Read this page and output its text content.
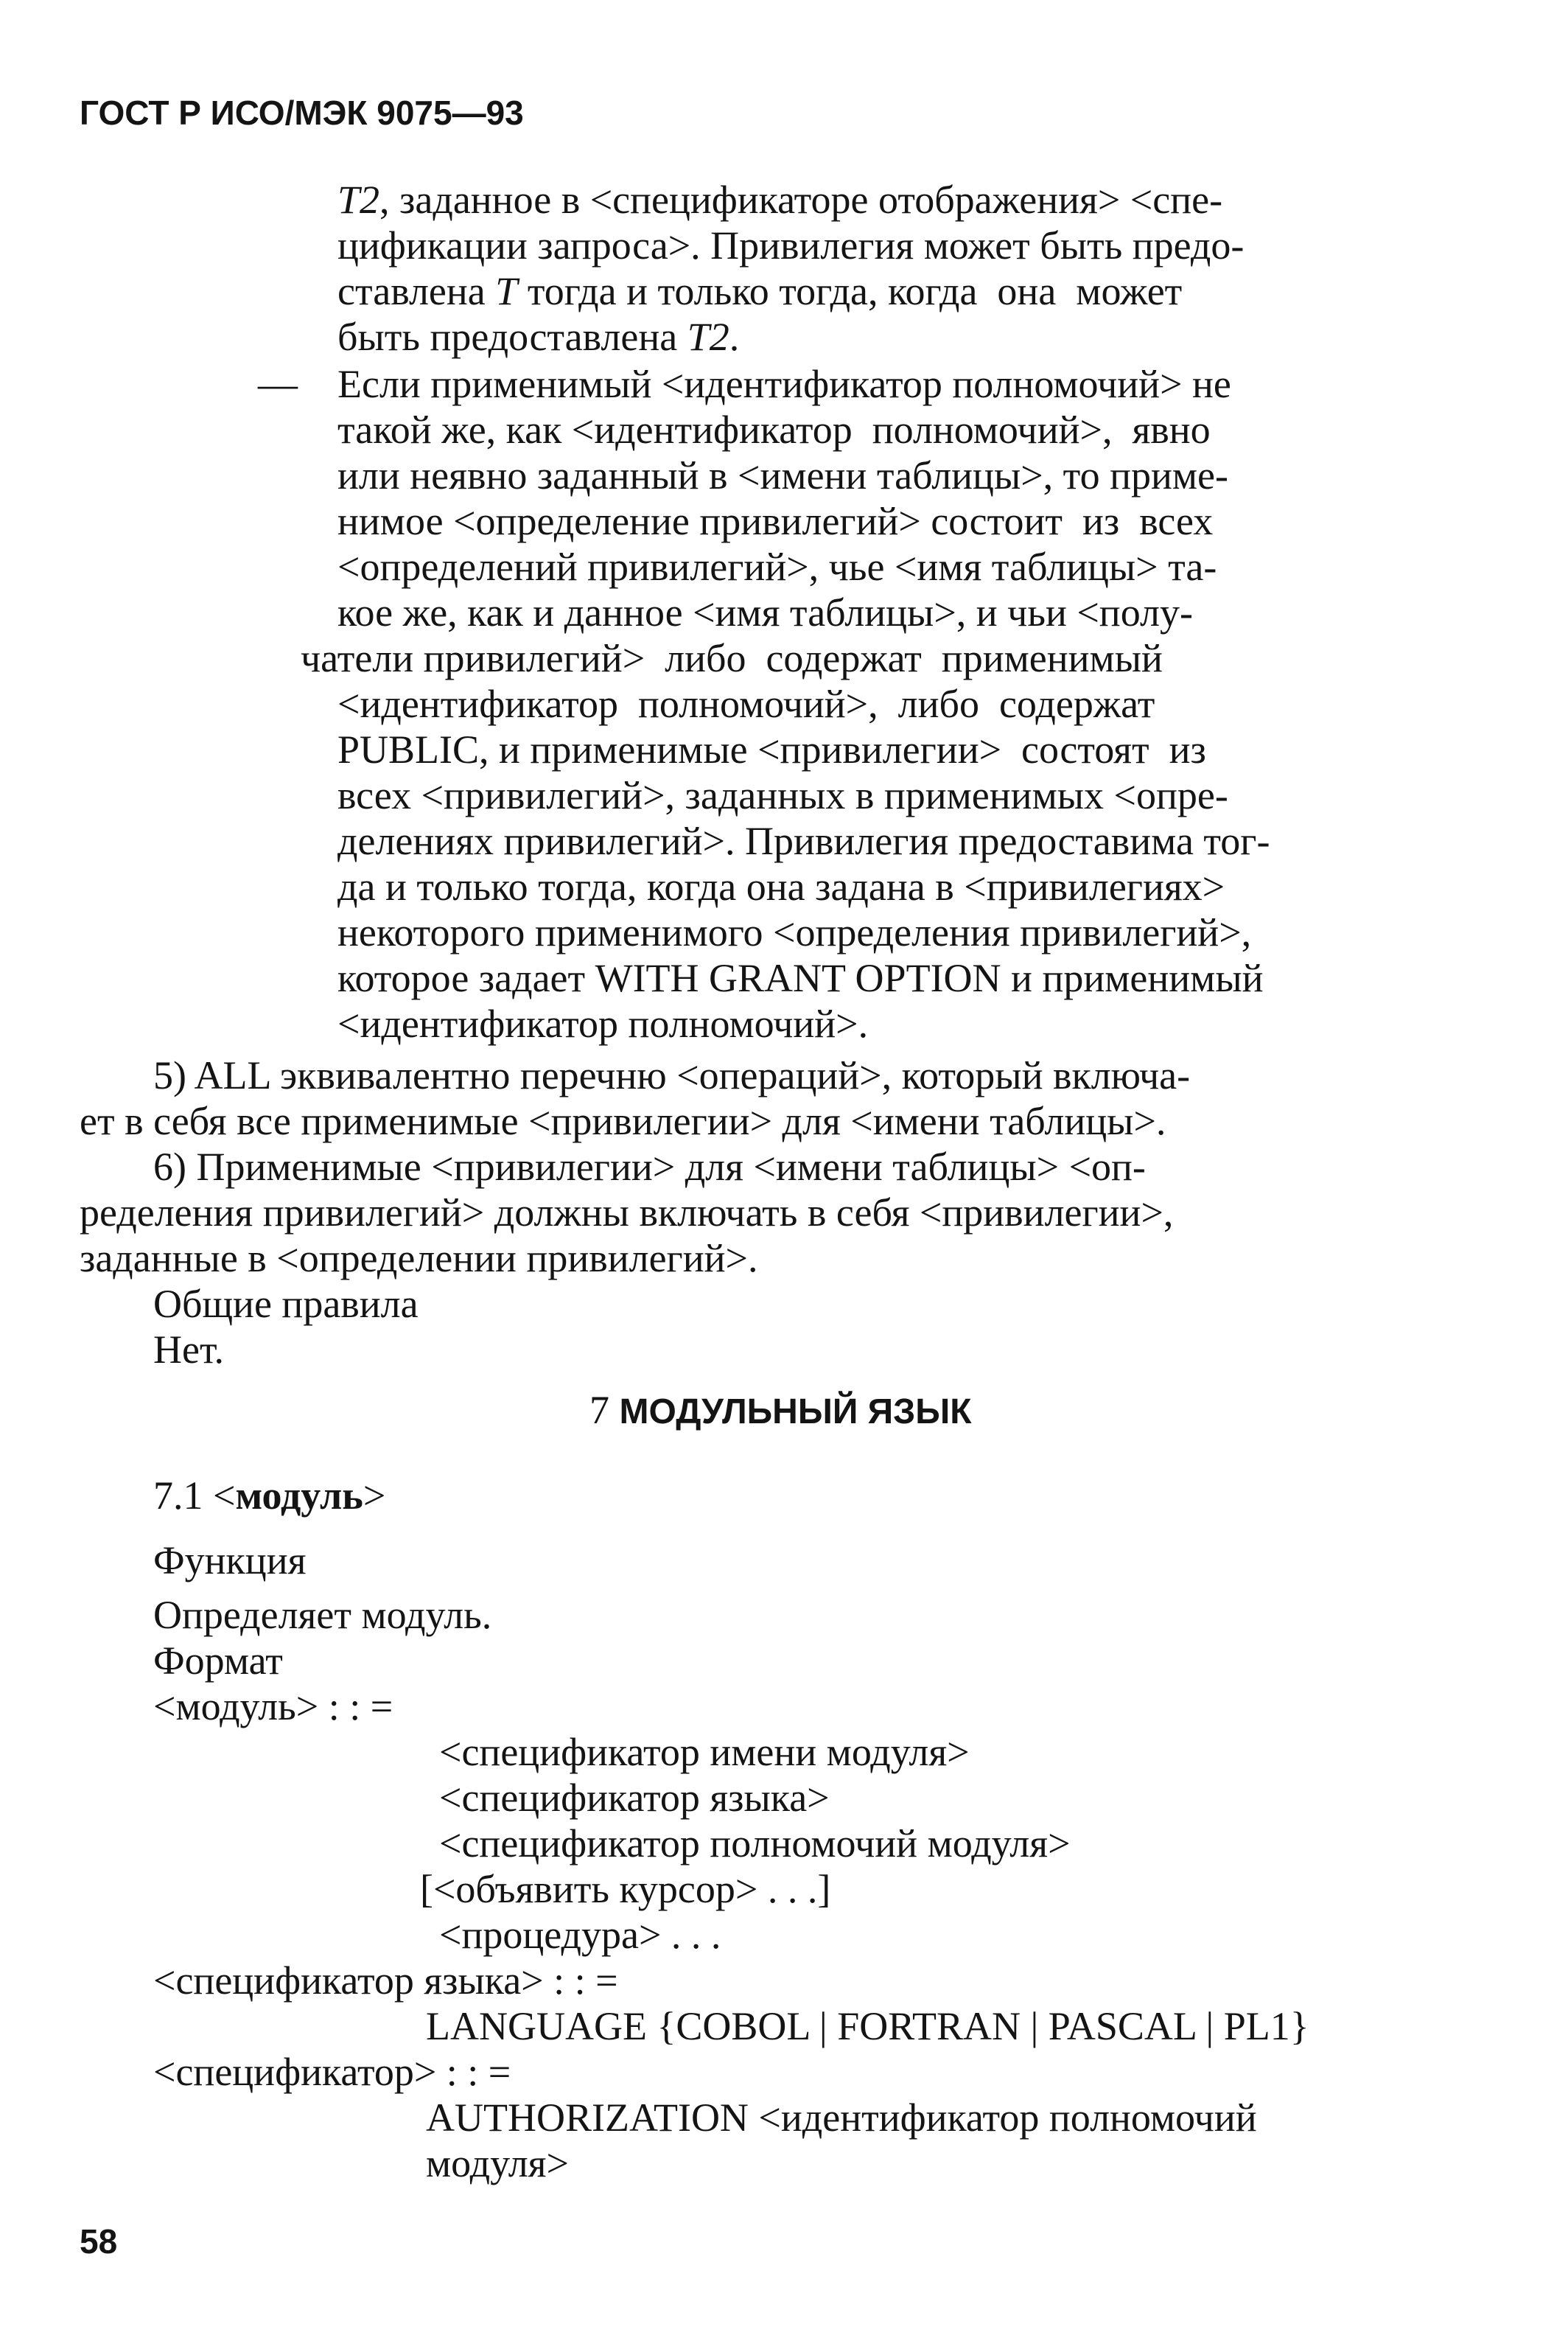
ГОСТ Р ИСО/МЭК 9075—93
T2, заданное в <спецификаторе отображения> <спе-
цификации запроса>. Привилегия может быть предо-
ставлена T тогда и только тогда, когда  она  может
быть предоставлена T2.
— Если применимый <идентификатор полномочий> не
такой же, как <идентификатор  полномочий>,  явно
или неявно заданный в <имени таблицы>, то приме-
нимое <определение привилегий> состоит  из  всех
<определений привилегий>, чье <имя таблицы> та-
кое же, как и данное <имя таблицы>, и чьи <полу-
чатели привилегий>  либо  содержат  применимый
<идентификатор  полномочий>,  либо  содержат
PUBLIC, и применимые <привилегии>  состоят  из
всех <привилегий>, заданных в применимых <опре-
делениях привилегий>. Привилегия предоставима тог-
да и только тогда, когда она задана в <привилегиях>
некоторого применимого <определения привилегий>,
которое задает WITH GRANT OPTION и применимый
<идентификатор полномочий>.
5) ALL эквивалентно перечню <операций>, который включа-
ет в себя все применимые <привилегии> для <имени таблицы>.
6) Применимые <привилегии> для <имени таблицы> <оп-
ределения привилегий> должны включать в себя <привилегии>,
заданные в <определении привилегий>.
Общие правила
Нет.
7 МОДУЛЬНЫЙ ЯЗЫК
7.1 <модуль>
Функция
Определяет модуль.
Формат
<модуль> : : =
<спецификатор имени модуля>
<спецификатор языка>
<спецификатор полномочий модуля>
[<объявить курсор> . . .]
<процедура> . . .
<спецификатор языка> : : =
LANGUAGE {COBOL | FORTRAN | PASCAL | PL1}
<спецификатор> : : =
AUTHORIZATION <идентификатор полномочий
модуля>
58
